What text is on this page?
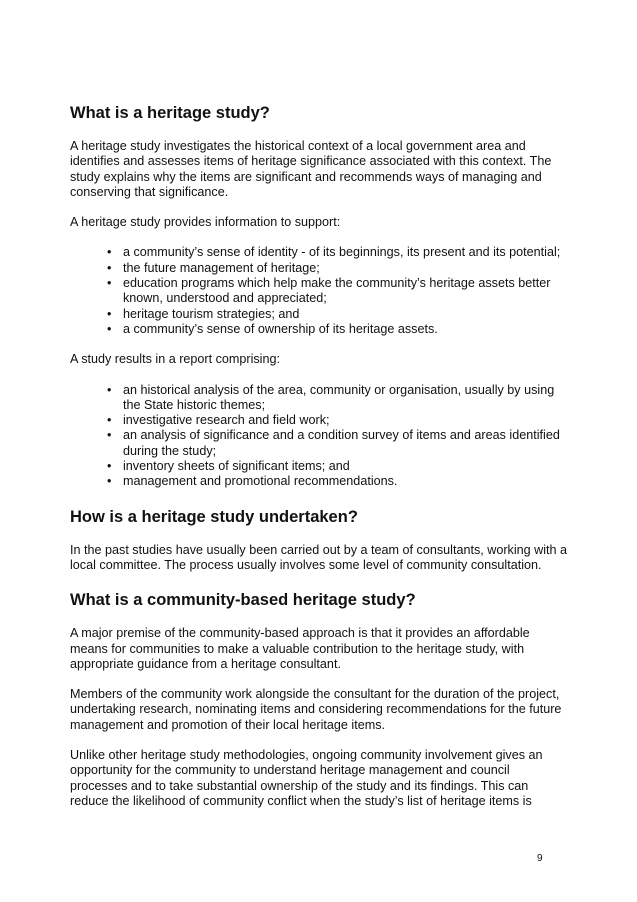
What is a heritage study?

A heritage study investigates the historical context of a local government area and identifies and assesses items of heritage significance associated with this context. The study explains why the items are significant and recommends ways of managing and conserving that significance.

A heritage study provides information to support:

• a community’s sense of identity - of its beginnings, its present and its potential;
• the future management of heritage;
• education programs which help make the community’s heritage assets better known, understood and appreciated;
• heritage tourism strategies; and
• a community’s sense of ownership of its heritage assets.

A study results in a report comprising:

• an historical analysis of the area, community or organisation, usually by using the State historic themes;
• investigative research and field work;
• an analysis of significance and a condition survey of items and areas identified during the study;
• inventory sheets of significant items; and
• management and promotional recommendations.
How is a heritage study undertaken?

In the past studies have usually been carried out by a team of consultants, working with a local committee. The process usually involves some level of community consultation.

What is a community-based heritage study?

A major premise of the community-based approach is that it provides an affordable means for communities to make a valuable contribution to the heritage study, with appropriate guidance from a heritage consultant.

Members of the community work alongside the consultant for the duration of the project, undertaking research, nominating items and considering recommendations for the future management and promotion of their local heritage items.

Unlike other heritage study methodologies, ongoing community involvement gives an opportunity for the community to understand heritage management and council processes and to take substantial ownership of the study and its findings. This can reduce the likelihood of community conflict when the study’s list of heritage items is

9
